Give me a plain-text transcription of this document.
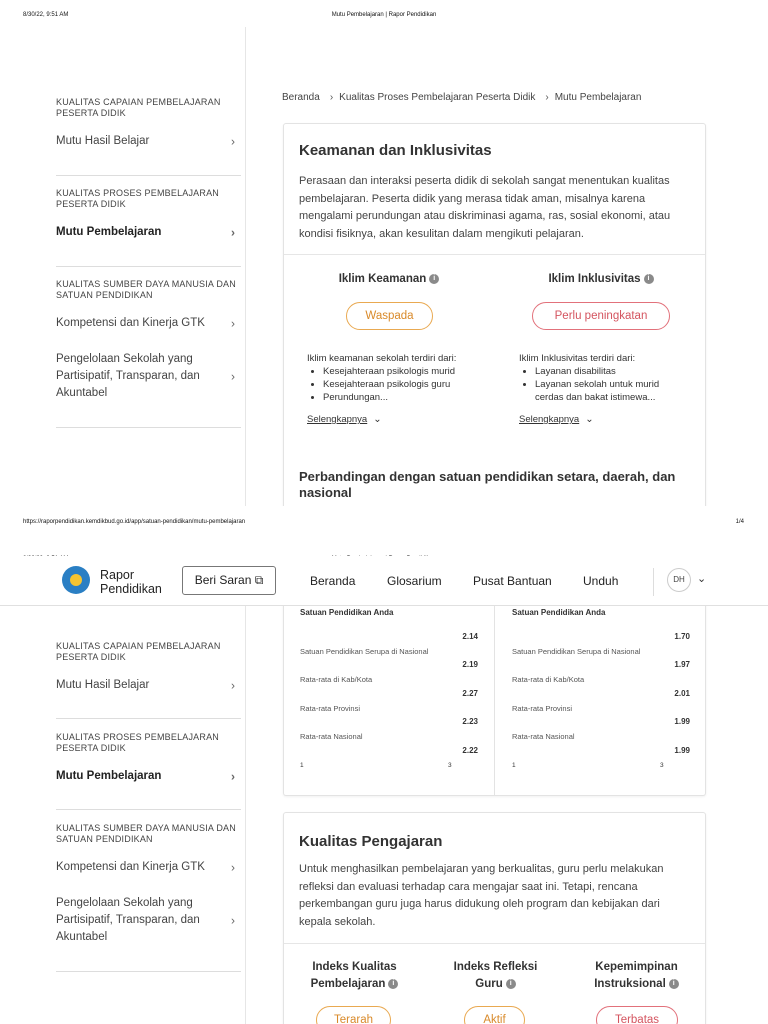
8/30/22, 9:51 AM	Mutu Pembelajaran | Rapor Pendidikan
KUALITAS CAPAIAN PEMBELAJARAN PESERTA DIDIK
Mutu Hasil Belajar	›
KUALITAS PROSES PEMBELAJARAN PESERTA DIDIK
Mutu Pembelajaran	›
KUALITAS SUMBER DAYA MANUSIA DAN SATUAN PENDIDIKAN
Kompetensi dan Kinerja GTK ›
Pengelolaan Sekolah yang Partisipatif, Transparan, dan Akuntabel
›
Beranda › Kualitas Proses Pembelajaran Peserta Didik › Mutu Pembelajaran
Keamanan dan Inklusivitas

Perasaan dan interaksi peserta didik di sekolah sangat menentukan kualitas pembelajaran. Peserta didik yang merasa tidak aman, misalnya karena mengalami perundungan atau diskriminasi agama, ras, sosial ekonomi, atau kondisi fisiknya, akan kesulitan dalam mengikuti pelajaran.

Iklim Keamanan i
Waspada
Iklim keamanan sekolah terdiri dari:
• Kesejahteraan psikologis murid
• Kesejahteraan psikologis guru
• Perundungan...
Selengkapnya ⌄
Iklim Inklusivitas i
Perlu peningkatan
Iklim Inklusivitas terdiri dari:
• Layanan disabilitas
• Layanan sekolah untuk murid cerdas dan bakat istimewa...
Selengkapnya ⌄
Perbandingan dengan satuan pendidikan setara, daerah, dan nasional
https://raporpendidikan.kemdikbud.go.id/app/satuan-pendidikan/mutu-pembelajaran	1/4
KUALITAS CAPAIAN PEMBELAJARAN PESERTA DIDIK
Mutu Hasil Belajar	›
KUALITAS PROSES PEMBELAJARAN PESERTA DIDIK
Mutu Pembelajaran	›
KUALITAS SUMBER DAYA MANUSIA DAN SATUAN PENDIDIKAN
Kompetensi dan Kinerja GTK ›
Pengelolaan Sekolah yang Partisipatif, Transparan, dan Akuntabel
›
Satuan Pendidikan Anda
2.14
Satuan Pendidikan Serupa di Nasional
2.19
Rata-rata di Kab/Kota
2.27
Rata-rata Provinsi
2.23
Rata-rata Nasional
2.22
1	3
Satuan Pendidikan Anda
1.70
Satuan Pendidikan Serupa di Nasional
1.97
Rata-rata di Kab/Kota
2.01
Rata-rata Provinsi
1.99
Rata-rata Nasional
1.99
1	3
Kualitas Pengajaran

Untuk menghasilkan pembelajaran yang berkualitas, guru perlu melakukan refleksi dan evaluasi terhadap cara mengajar saat ini. Tetapi, rencana perkembangan guru juga harus didukung oleh program dan kebijakan dari kepala sekolah.

Indeks Kualitas
Pembelajaran i
Terarah
Indeks Refleksi
Guru i
Aktif
Kepemimpinan
Instruksional i
Terbatas
Rapor
Pendidikan
Beri Saran ⧉	Beranda	Glosarium	Pusat Bantuan	Unduh	DH	⌄
